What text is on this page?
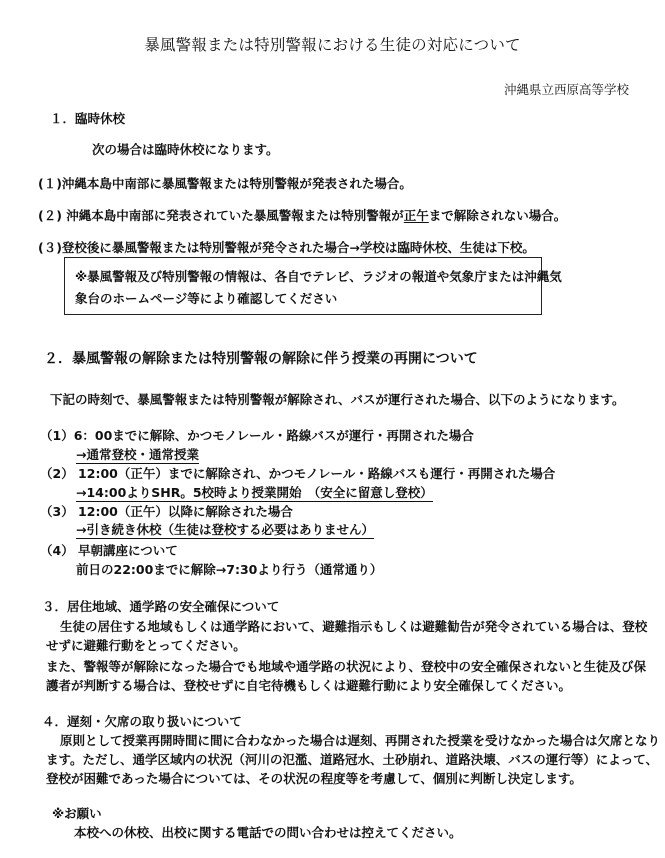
暴風警報または特別警報における生徒の対応について
沖縄県立西原高等学校
１．臨時休校
次の場合は臨時休校になります。
(１)沖縄本島中南部に暴風警報または特別警報が発表された場合。
(２) 沖縄本島中南部に発表されていた暴風警報または特別警報が正午まで解除されない場合。
(３)登校後に暴風警報または特別警報が発令された場合→学校は臨時休校、生徒は下校。
※暴風警報及び特別警報の情報は、各自でテレビ、ラジオの報道や気象庁または沖縄気
象台のホームページ等により確認してください
２．暴風警報の解除または特別警報の解除に伴う授業の再開について
下記の時刻で、暴風警報または特別警報が解除され、バスが運行された場合、以下のようになります。
（1）6：00までに解除、かつモノレール・路線バスが運行・再開された場合
→通常登校・通常授業
（2） 12:00（正午）までに解除され、かつモノレール・路線バスも運行・再開された場合
→14:00よりSHR。5校時より授業開始　（安全に留意し登校）
（3） 12:00（正午）以降に解除された場合
→引き続き休校（生徒は登校する必要はありません）
（4） 早朝講座について
前日の22:00までに解除→7:30より行う（通常通り）
３．居住地域、通学路の安全確保について
生徒の居住する地域もしくは通学路において、避難指示もしくは避難勧告が発令されている場合は、登校
せずに避難行動をとってください。
また、警報等が解除になった場合でも地域や通学路の状況により、登校中の安全確保されないと生徒及び保
護者が判断する場合は、登校せずに自宅待機もしくは避難行動により安全確保してください。
４．遅刻・欠席の取り扱いについて
原則として授業再開時間に間に合わなかった場合は遅刻、再開された授業を受けなかった場合は欠席となり
ます。ただし、通学区域内の状況（河川の氾濫、道路冠水、土砂崩れ、道路決壊、バスの運行等）によって、
登校が困難であった場合については、その状況の程度等を考慮して、個別に判断し決定します。
※お願い
本校への休校、出校に関する電話での問い合わせは控えてください。
